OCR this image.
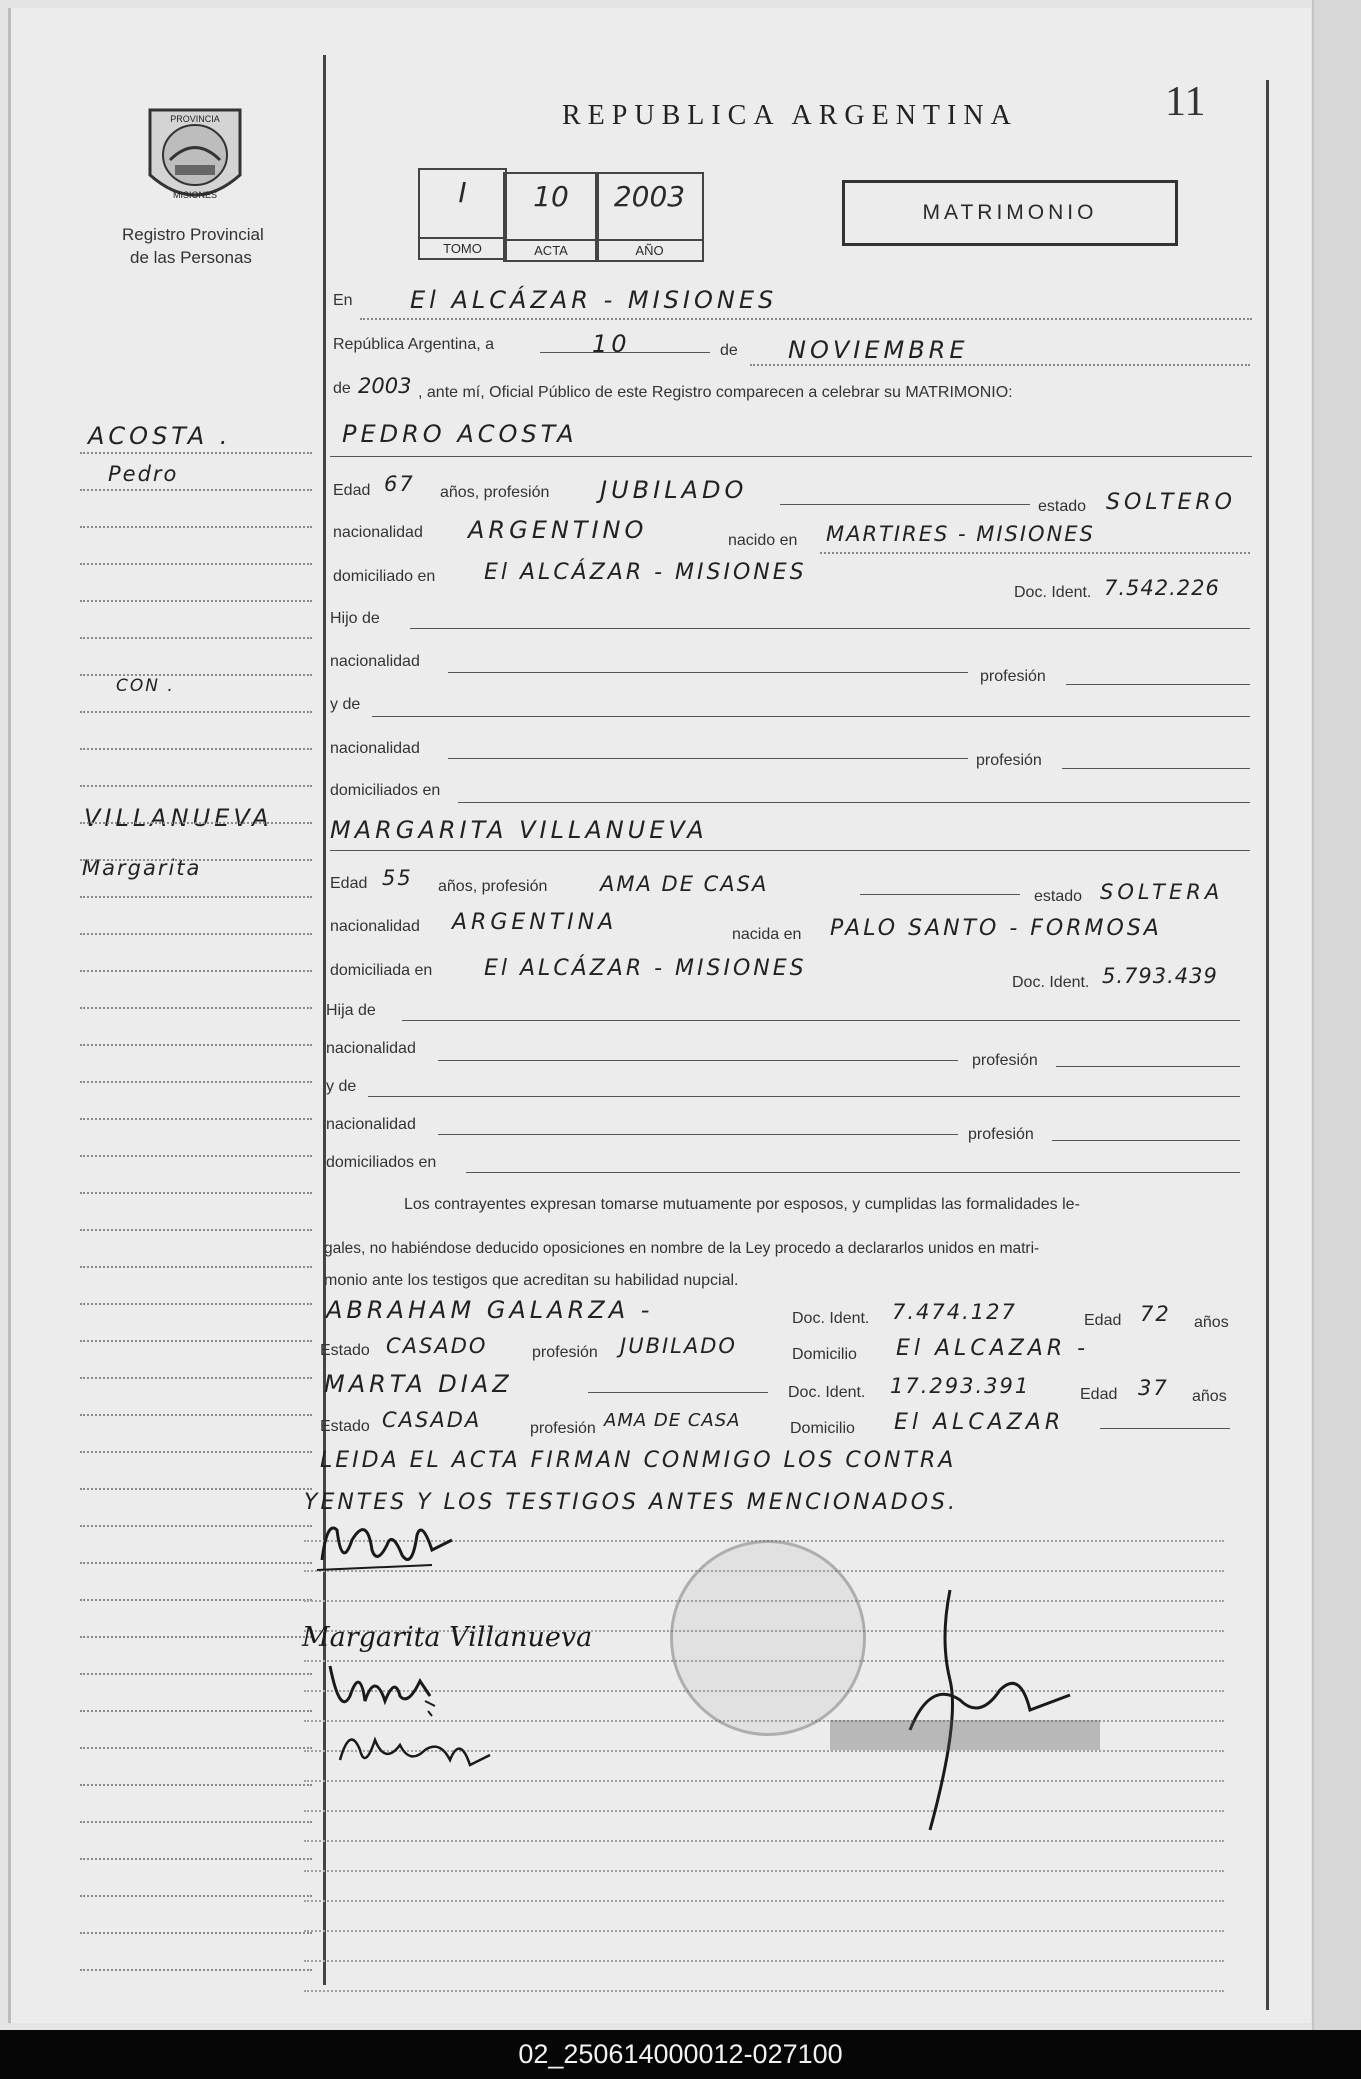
PROVINCIA
MISIONES
Registro Provincial
de las Personas
REPUBLICA ARGENTINA	11
I
TOMO
10
ACTA
2003
AÑO
MATRIMONIO
ACOSTA .
Pedro
CON .
VILLANUEVA
Margarita
En El ALCÁZAR - MISIONES
República Argentina, a	10	de NOVIEMBRE
de 2003 , ante mí, Oficial Público de este Registro comparecen a celebrar su MATRIMONIO:
PEDRO ACOSTA
Edad 67 años, profesión JUBILADO
estado SOLTERO
nacionalidad ARGENTINO	nacido en MARTIRES - MISIONES
domiciliado en El ALCÁZAR - MISIONES
Doc. Ident. 7.542.226
Hijo de
nacionalidad
profesión
y de
nacionalidad
profesión
domiciliados en
MARGARITA VILLANUEVA
Edad 55 años, profesión	AMA DE CASA
estado SOLTERA
nacionalidad ARGENTINA	nacida en PALO SANTO - FORMOSA
domiciliada en El ALCÁZAR - MISIONES
Doc. Ident. 5.793.439
Hija de
nacionalidad
profesión
y de
nacionalidad
profesión
domiciliados en
Los contrayentes expresan tomarse mutuamente por esposos, y cumplidas las formalidades le-
gales, no habiéndose deducido oposiciones en nombre de la Ley procedo a declararlos unidos en matri-
monio ante los testigos que acreditan su habilidad nupcial.
ABRAHAM GALARZA -	Doc. Ident. 7.474.127	Edad 72 años
Estado CASADO	profesión JUBILADO	Domicilio El ALCAZAR -
MARTA DIAZ	Doc. Ident. 17.293.391	Edad 37 años
Estado CASADA	profesión AMA DE CASA	Domicilio El ALCAZAR
LEIDA EL ACTA FIRMAN CONMIGO LOS CONTRA
YENTES Y LOS TESTIGOS ANTES MENCIONADOS.
Margarita Villanueva
02_250614000012-027100
